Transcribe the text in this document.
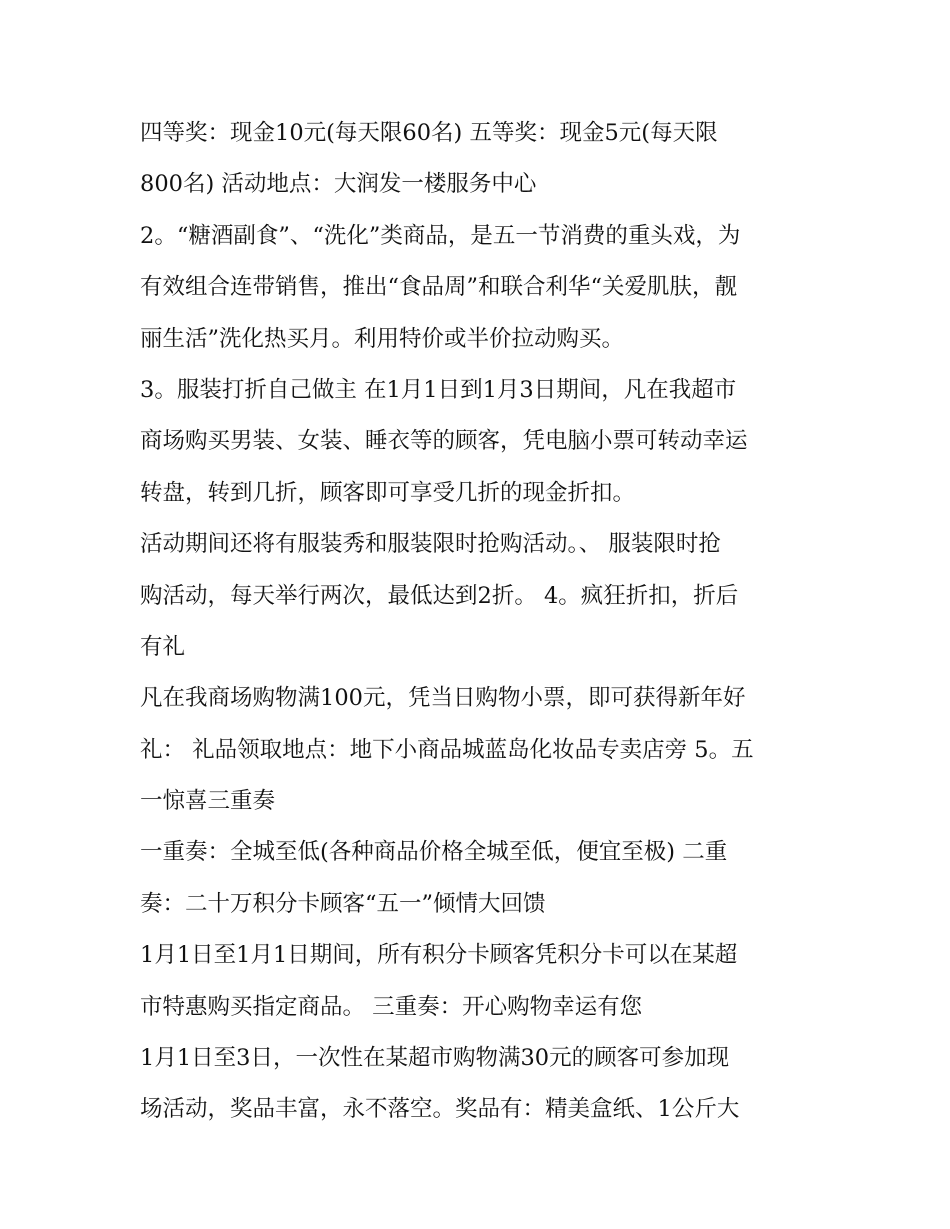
四等奖：现金10元(每天限60名) 五等奖：现金5元(每天限
800名) 活动地点：大润发一楼服务中心
2。“糖酒副食”、“洗化”类商品，是五一节消费的重头戏，为
有效组合连带销售，推出“食品周”和联合利华“关爱肌肤，靓
丽生活”洗化热买月。利用特价或半价拉动购买。
3。服装打折自己做主 在1月1日到1月3日期间，凡在我超市
商场购买男装、女装、睡衣等的顾客，凭电脑小票可转动幸运
转盘，转到几折，顾客即可享受几折的现金折扣。
活动期间还将有服装秀和服装限时抢购活动。、 服装限时抢
购活动，每天举行两次，最低达到2折。 4。疯狂折扣，折后
有礼
凡在我商场购物满100元，凭当日购物小票，即可获得新年好
礼： 礼品领取地点：地下小商品城蓝岛化妆品专卖店旁 5。五
一惊喜三重奏
一重奏：全城至低(各种商品价格全城至低，便宜至极) 二重
奏：二十万积分卡顾客“五一”倾情大回馈
1月1日至1月1日期间，所有积分卡顾客凭积分卡可以在某超
市特惠购买指定商品。 三重奏：开心购物幸运有您
1月1日至3日，一次性在某超市购物满30元的顾客可参加现
场活动，奖品丰富，永不落空。奖品有：精美盒纸、1公斤大
